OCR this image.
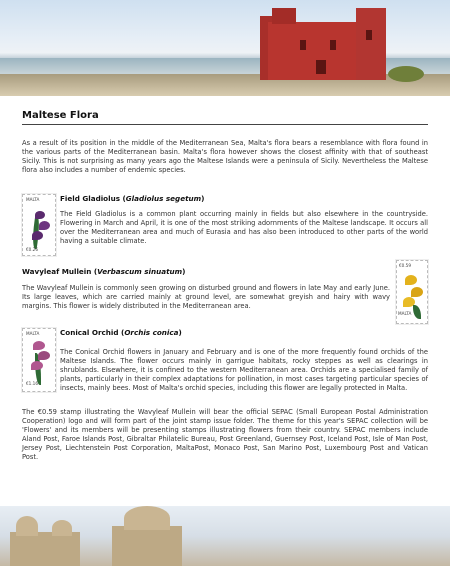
Maltese Flora
As a result of its position in the middle of the Mediterranean Sea, Malta's flora bears a resemblance with flora found in the various parts of the Mediterranean basin. Malta's flora however shows the closest affinity with that of southeast Sicily. This is not surprising as many years ago the Maltese Islands were a peninsula of Sicily. Nevertheless the Maltese flora also includes a number of endemic species.
MALTA
€0.26
Field Gladiolus (Gladiolus segetum)
The Field Gladiolus is a common plant occurring mainly in fields but also elsewhere in the countryside. Flowering in March and April, it is one of the most striking adornments of the Maltese landscape. It occurs all over the Mediterranean area and much of Eurasia and has also been introduced to other parts of the world having a suitable climate.
Wavyleaf Mullein (Verbascum sinuatum)
The Wavyleaf Mullein is commonly seen growing on disturbed ground and flowers in late May and early June. Its large leaves, which are carried mainly at ground level, are somewhat greyish and hairy with wavy margins. This flower is widely distributed in the Mediterranean area.
€0.59
MALTA
MALTA
€1.16
Conical Orchid (Orchis conica)
The Conical Orchid flowers in January and February and is one of the more frequently found orchids of the Maltese Islands. The flower occurs mainly in garrigue habitats, rocky steppes as well as clearings in shrublands. Elsewhere, it is confined to the western Mediterranean area. Orchids are a specialised family of plants, particularly in their complex adaptations for pollination, in most cases targeting particular species of insects, mainly bees. Most of Malta's orchid species, including this flower are legally protected in Malta.
The €0.59 stamp illustrating the Wavyleaf Mullein will bear the official SEPAC (Small European Postal Administration Cooperation) logo and will form part of the joint stamp issue folder. The theme for this year's SEPAC collection will be 'Flowers' and its members will be presenting stamps illustrating flowers from their country. SEPAC members include Aland Post, Faroe Islands Post, Gibraltar Philatelic Bureau, Post Greenland, Guernsey Post, Iceland Post, Isle of Man Post, Jersey Post, Liechtenstein Post Corporation, MaltaPost, Monaco Post, San Marino Post, Luxembourg Post and Vatican Post.
